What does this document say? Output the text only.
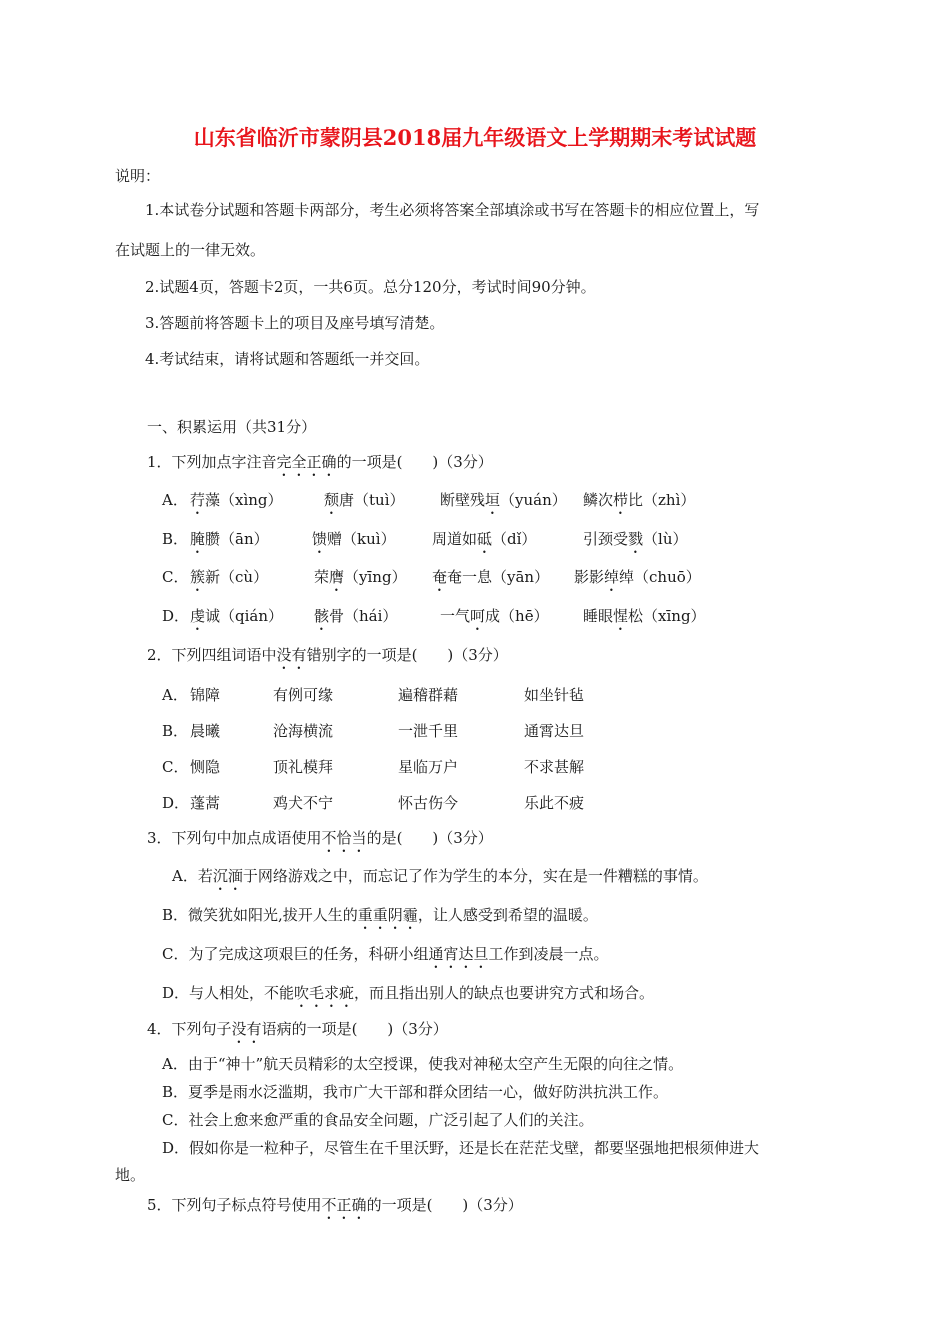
山东省临沂市蒙阴县2018届九年级语文上学期期末考试试题
说明：
1.本试卷分试题和答题卡两部分，考生必须将答案全部填涂或书写在答题卡的相应位置上，写
在试题上的一律无效。
2.试题4页，答题卡2页，一共6页。总分120分，考试时间90分钟。
3.答题前将答题卡上的项目及座号填写清楚。
4.考试结束，请将试题和答题纸一并交回。
一、积累运用（共31分）
1．下列加点字注音完全正确的一项是(　　)（3分）
A． 荇藻（xìng）	颓唐（tuì） 断壁残垣（yuán） 鳞次栉比（zhì）
B． 腌臜（ān）	馈赠（kuì） 周道如砥（dǐ）	引颈受戮（lù）
C． 簇新（cù）	荣膺（yīng） 奄奄一息（yān） 影影绰绰（chuō）
D． 虔诚（qián） 骸骨（hái）	一气呵成（hē） 睡眼惺松（xīng）
2．下列四组词语中没有错别字的一项是(　　)（3分）
A． 锦障	有例可缘	遍稽群藉	如坐针毡
B． 晨曦	沧海横流	一泄千里	通霄达旦
C． 恻隐	顶礼模拜	星临万户	不求甚解
D． 蓬蒿	鸡犬不宁	怀古伤今	乐此不疲
3．下列句中加点成语使用不恰当的是(　　)（3分）
A．若沉湎于网络游戏之中，而忘记了作为学生的本分，实在是一件糟糕的事情。
B．微笑犹如阳光,拔开人生的重重阴霾，让人感受到希望的温暖。
C．为了完成这项艰巨的任务，科研小组通宵达旦工作到凌晨一点。
D．与人相处，不能吹毛求疵，而且指出别人的缺点也要讲究方式和场合。
4．下列句子没有语病的一项是(　　)（3分）
A．由于“神十”航天员精彩的太空授课，使我对神秘太空产生无限的向往之情。
B．夏季是雨水泛滥期，我市广大干部和群众团结一心，做好防洪抗洪工作。
C．社会上愈来愈严重的食品安全问题，广泛引起了人们的关注。
D．假如你是一粒种子，尽管生在千里沃野，还是长在茫茫戈壁，都要坚强地把根须伸进大
地。
5．下列句子标点符号使用不正确的一项是(　　)（3分）
